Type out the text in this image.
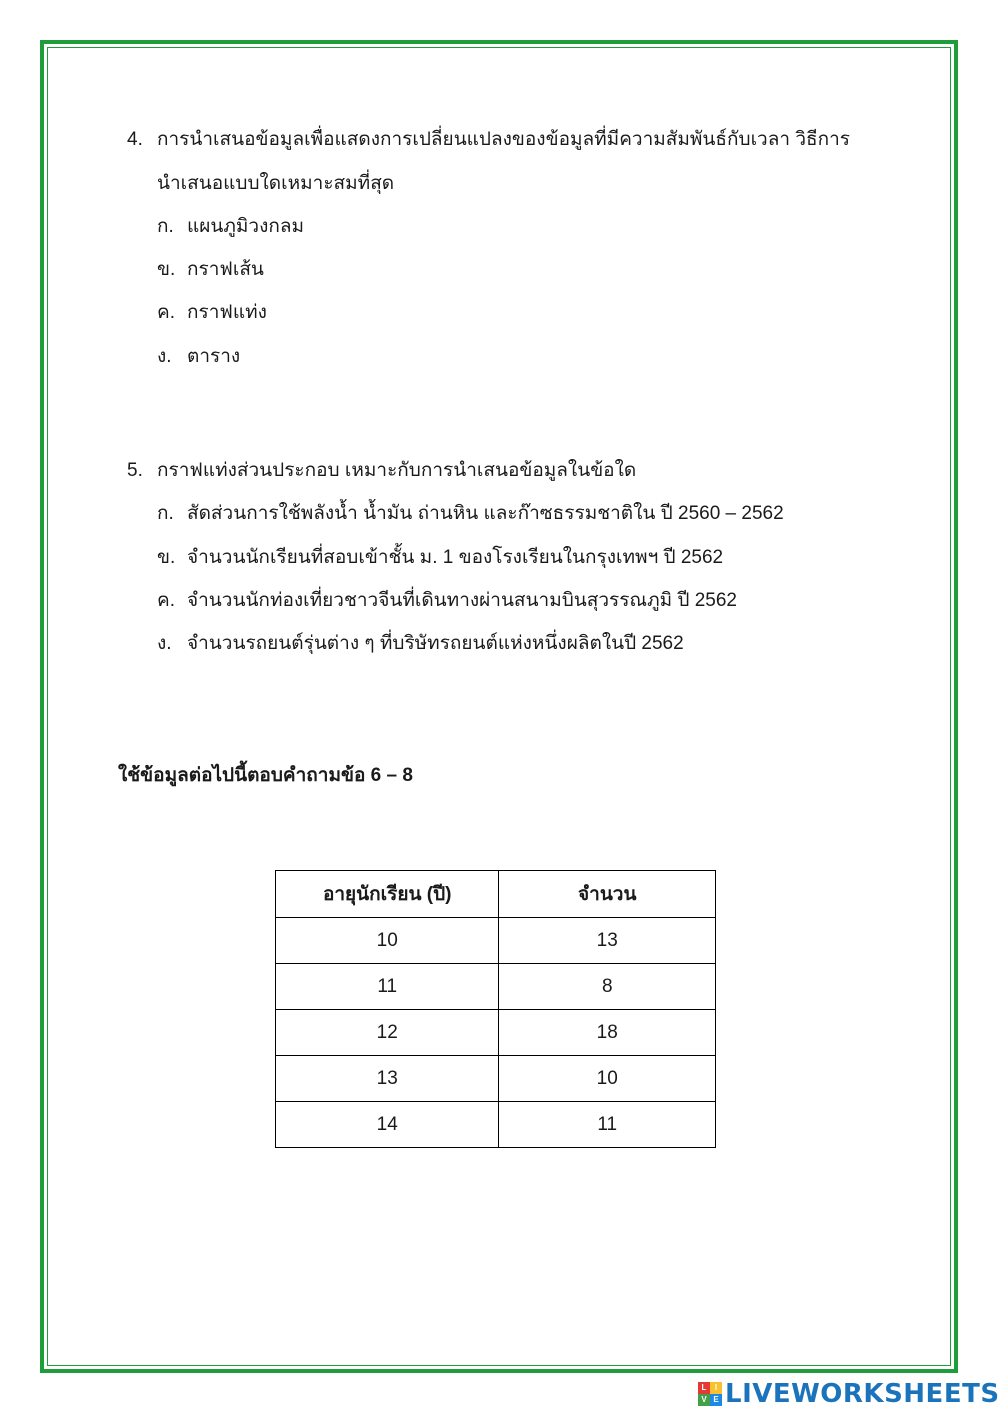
4. การนำเสนอข้อมูลเพื่อแสดงการเปลี่ยนแปลงของข้อมูลที่มีความสัมพันธ์กับเวลา วิธีการ
นำเสนอแบบใดเหมาะสมที่สุด
ก. แผนภูมิวงกลม
ข. กราฟเส้น
ค. กราฟแท่ง
ง. ตาราง
5. กราฟแท่งส่วนประกอบ เหมาะกับการนำเสนอข้อมูลในข้อใด
ก. สัดส่วนการใช้พลังน้ำ น้ำมัน ถ่านหิน และก๊าซธรรมชาติใน ปี 2560 – 2562
ข. จำนวนนักเรียนที่สอบเข้าชั้น ม. 1 ของโรงเรียนในกรุงเทพฯ ปี 2562
ค. จำนวนนักท่องเที่ยวชาวจีนที่เดินทางผ่านสนามบินสุวรรณภูมิ ปี 2562
ง. จำนวนรถยนต์รุ่นต่าง ๆ ที่บริษัทรถยนต์แห่งหนึ่งผลิตในปี 2562
ใช้ข้อมูลต่อไปนี้ตอบคำถามข้อ 6 – 8
อายุนักเรียน (ปี)	จำนวน
10	13
11	8
12	18
13	10
14	11
L	I
V E LIVEWORKSHEETS
